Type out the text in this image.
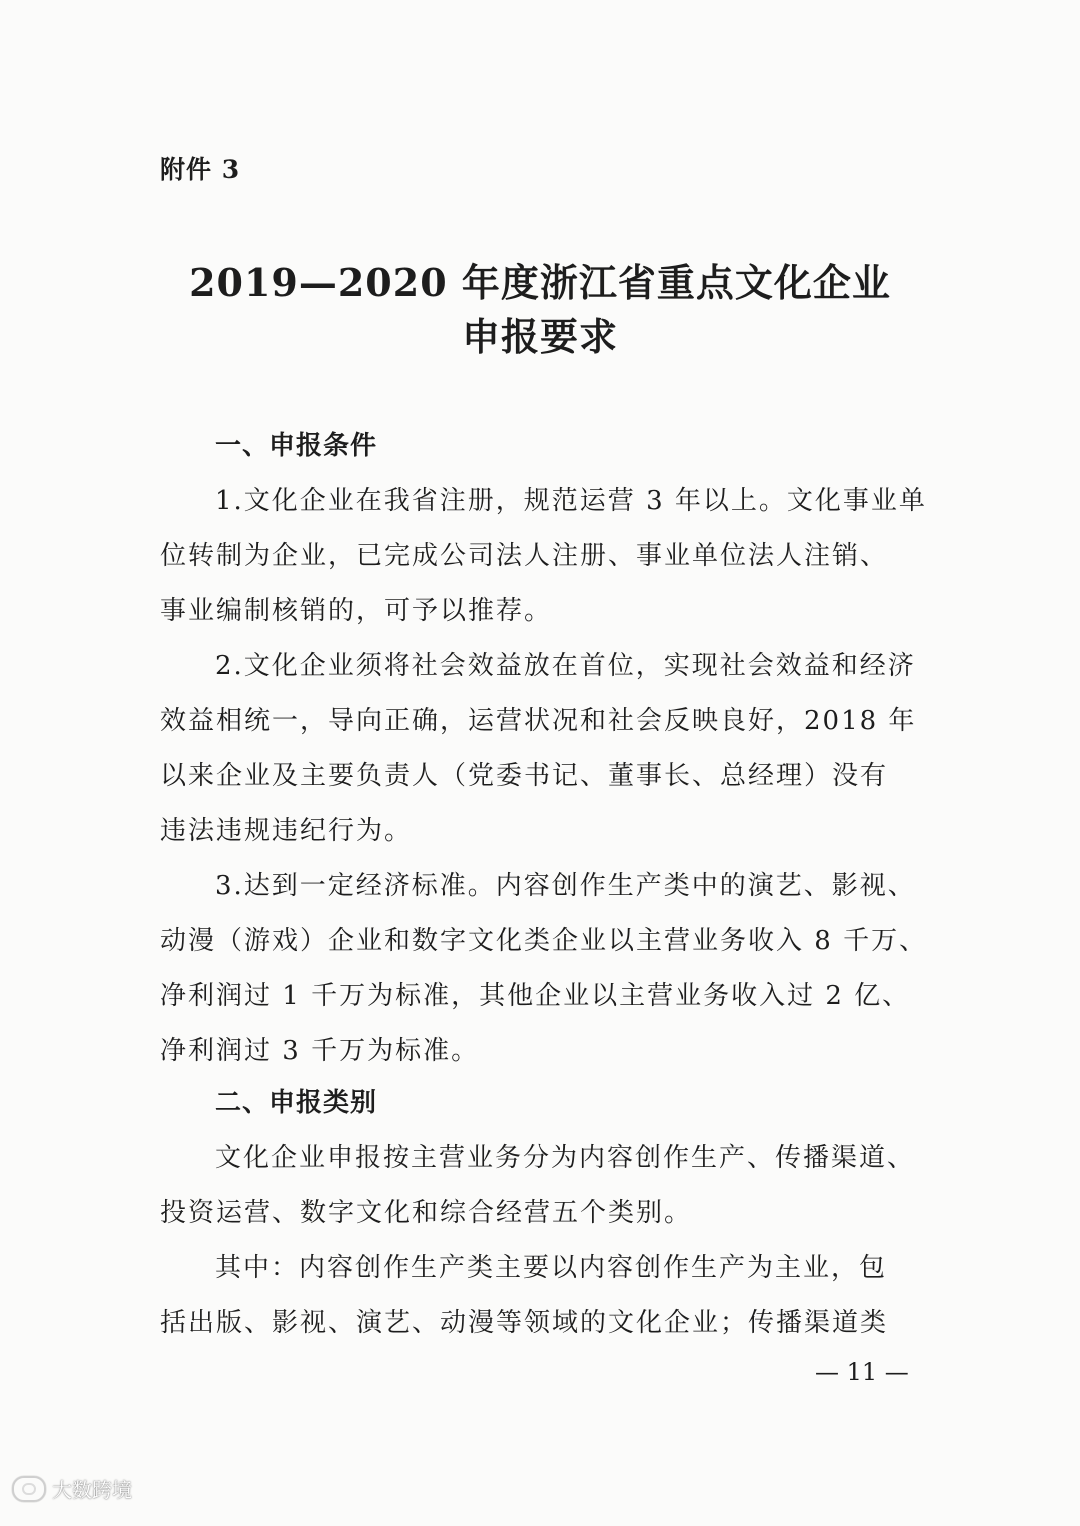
附件 3
2019—2020 年度浙江省重点文化企业
申报要求
一、申报条件
1.文化企业在我省注册，规范运营 3 年以上。文化事业单
位转制为企业，已完成公司法人注册、事业单位法人注销、
事业编制核销的，可予以推荐。
2.文化企业须将社会效益放在首位，实现社会效益和经济
效益相统一，导向正确，运营状况和社会反映良好，2018 年
以来企业及主要负责人（党委书记、董事长、总经理）没有
违法违规违纪行为。
3.达到一定经济标准。内容创作生产类中的演艺、影视、
动漫（游戏）企业和数字文化类企业以主营业务收入 8 千万、
净利润过 1 千万为标准，其他企业以主营业务收入过 2 亿、
净利润过 3 千万为标准。
二、申报类别
文化企业申报按主营业务分为内容创作生产、传播渠道、
投资运营、数字文化和综合经营五个类别。
其中：内容创作生产类主要以内容创作生产为主业，包
括出版、影视、演艺、动漫等领域的文化企业；传播渠道类
— 11 —
大数跨境
